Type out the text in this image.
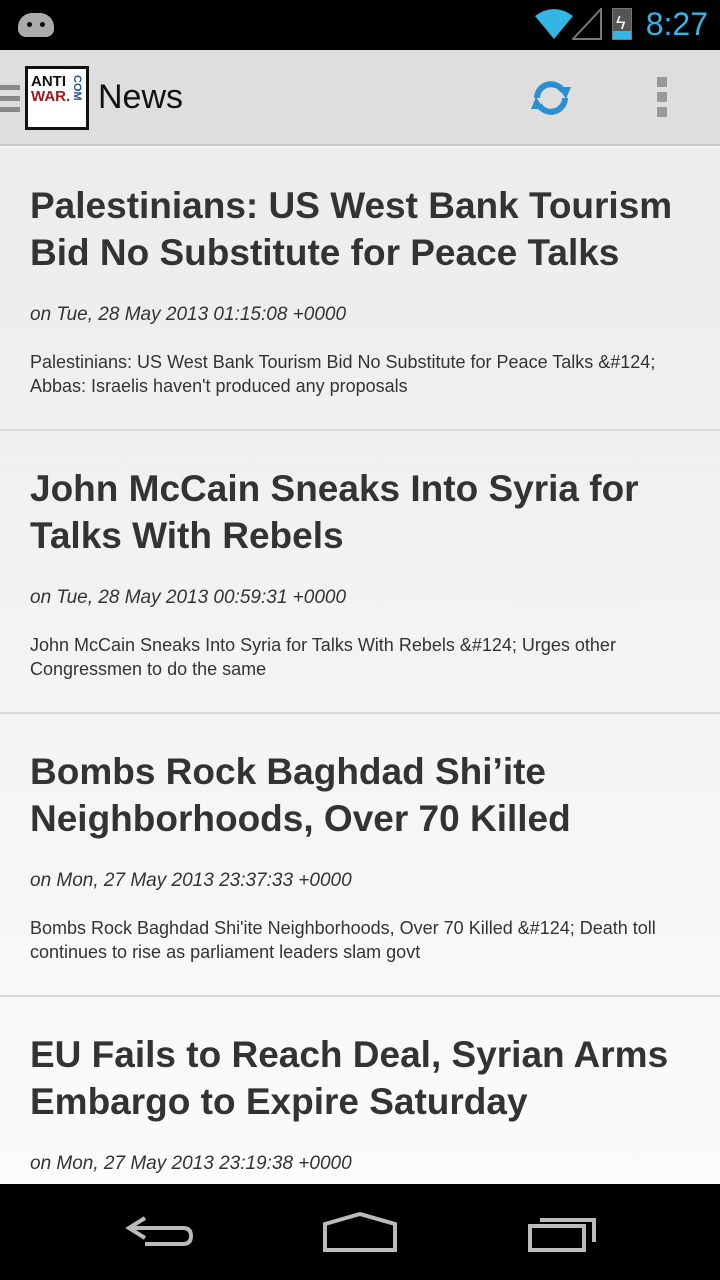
ϟ 8:27
ANTI
WAR. COM News
Palestinians: US West Bank Tourism Bid No Substitute for Peace Talks
on Tue, 28 May 2013 01:15:08 +0000
Palestinians: US West Bank Tourism Bid No Substitute for Peace Talks &#124; Abbas: Israelis haven't produced any proposals
John McCain Sneaks Into Syria for Talks With Rebels
on Tue, 28 May 2013 00:59:31 +0000
John McCain Sneaks Into Syria for Talks With Rebels &#124; Urges other Congressmen to do the same
Bombs Rock Baghdad Shi’ite Neighborhoods, Over 70 Killed
on Mon, 27 May 2013 23:37:33 +0000
Bombs Rock Baghdad Shi'ite Neighborhoods, Over 70 Killed &#124; Death toll continues to rise as parliament leaders slam govt
EU Fails to Reach Deal, Syrian Arms Embargo to Expire Saturday
on Mon, 27 May 2013 23:19:38 +0000
